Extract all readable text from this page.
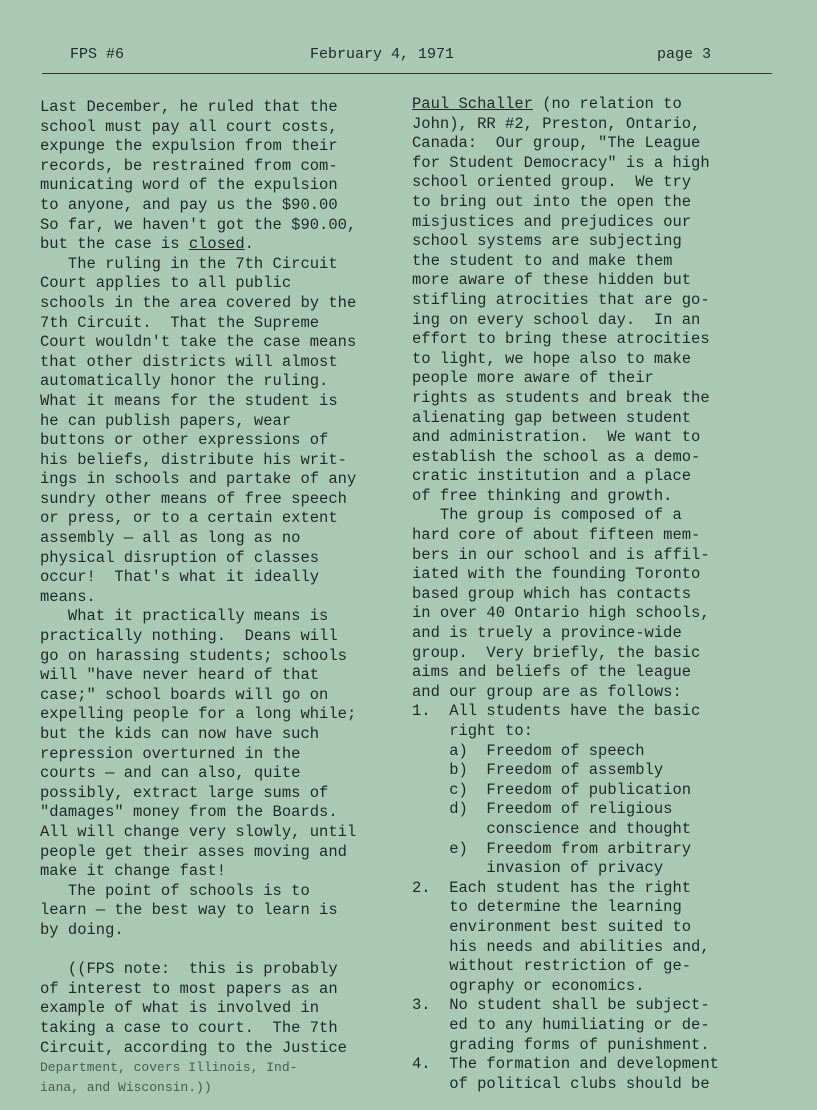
FPS #6	February 4, 1971	page 3
Last December, he ruled that the
school must pay all court costs,
expunge the expulsion from their
records, be restrained from com-
municating word of the expulsion
to anyone, and pay us the $90.00
So far, we haven't got the $90.00,
but the case is closed.
The ruling in the 7th Circuit
Court applies to all public
schools in the area covered by the
7th Circuit.  That the Supreme
Court wouldn't take the case means
that other districts will almost
automatically honor the ruling.
What it means for the student is
he can publish papers, wear
buttons or other expressions of
his beliefs, distribute his writ-
ings in schools and partake of any
sundry other means of free speech
or press, or to a certain extent
assembly — all as long as no
physical disruption of classes
occur!  That's what it ideally
means.
What it practically means is
practically nothing.  Deans will
go on harassing students; schools
will "have never heard of that
case;" school boards will go on
expelling people for a long while;
but the kids can now have such
repression overturned in the
courts — and can also, quite
possibly, extract large sums of
"damages" money from the Boards.
All will change very slowly, until
people get their asses moving and
make it change fast!
The point of schools is to
learn — the best way to learn is
by doing.
((FPS note:  this is probably
of interest to most papers as an
example of what is involved in
taking a case to court.  The 7th
Circuit, according to the Justice
Department, covers Illinois, Ind-
iana, and Wisconsin.))
Paul Schaller (no relation to
John), RR #2, Preston, Ontario,
Canada:  Our group, "The League
for Student Democracy" is a high
school oriented group.  We try
to bring out into the open the
misjustices and prejudices our
school systems are subjecting
the student to and make them
more aware of these hidden but
stifling atrocities that are go-
ing on every school day.  In an
effort to bring these atrocities
to light, we hope also to make
people more aware of their
rights as students and break the
alienating gap between student
and administration.  We want to
establish the school as a demo-
cratic institution and a place
of free thinking and growth.
The group is composed of a
hard core of about fifteen mem-
bers in our school and is affil-
iated with the founding Toronto
based group which has contacts
in over 40 Ontario high schools,
and is truely a province-wide
group.  Very briefly, the basic
aims and beliefs of the league
and our group are as follows:
1.  All students have the basic
right to:
a)  Freedom of speech
b)  Freedom of assembly
c)  Freedom of publication
d)  Freedom of religious
conscience and thought
e)  Freedom from arbitrary
invasion of privacy
2.  Each student has the right
to determine the learning
environment best suited to
his needs and abilities and,
without restriction of ge-
ography or economics.
3.  No student shall be subject-
ed to any humiliating or de-
grading forms of punishment.
4.  The formation and development
of political clubs should be
